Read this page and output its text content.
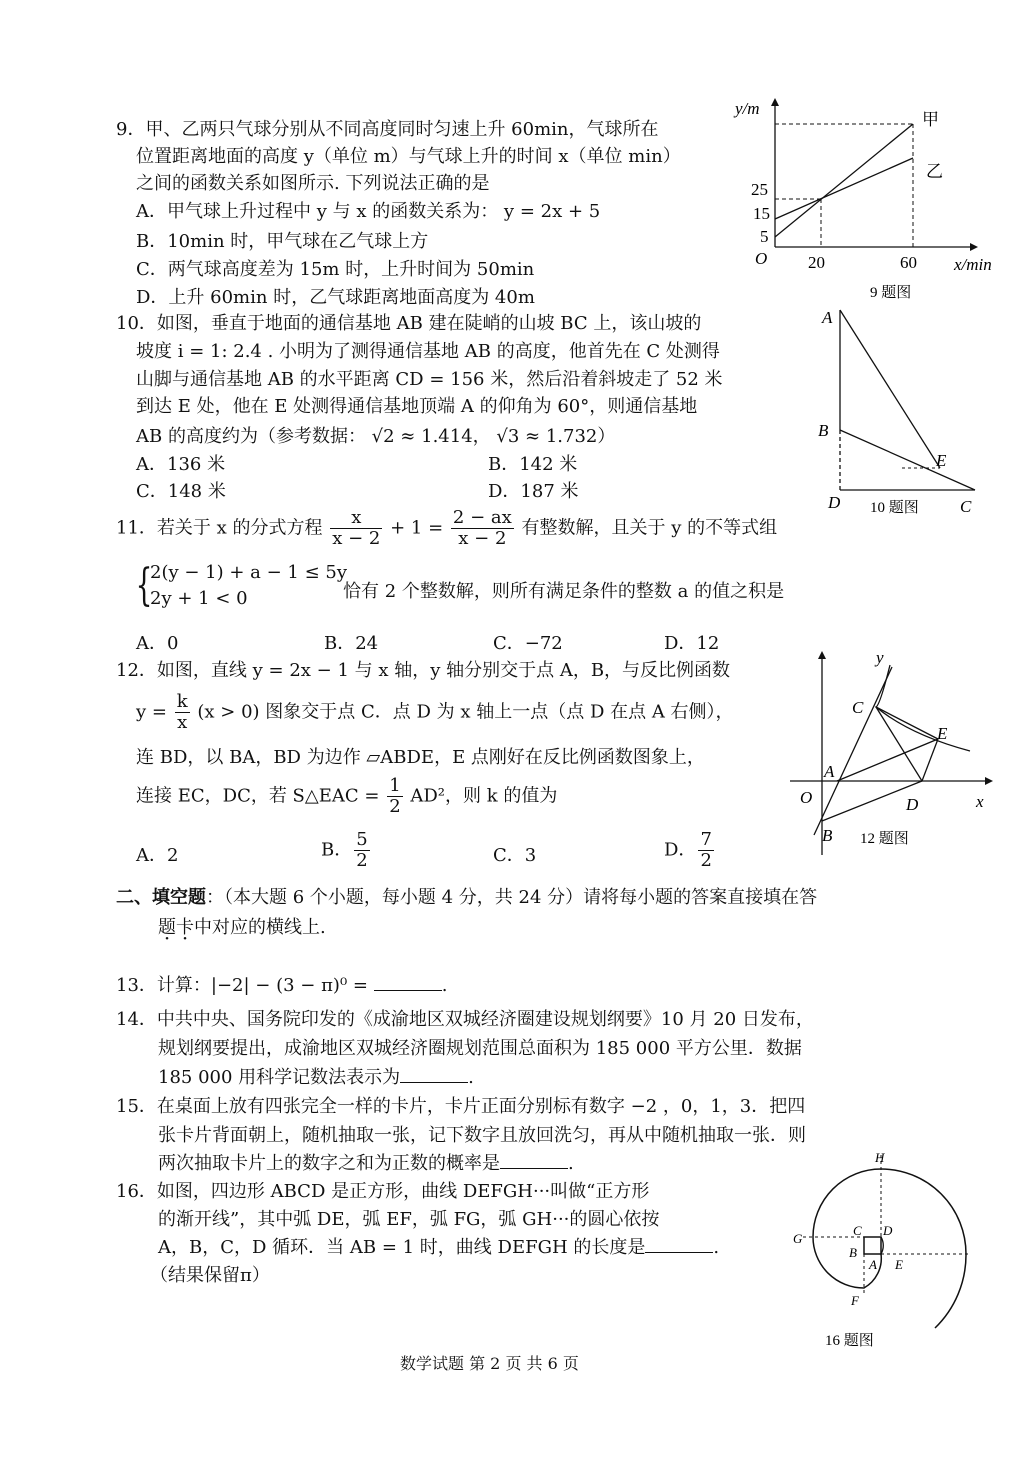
9．甲、乙两只气球分别从不同高度同时匀速上升 60min，气球所在
位置距离地面的高度 y（单位 m）与气球上升的时间 x（单位 min）
之间的函数关系如图所示. 下列说法正确的是
A．甲气球上升过程中 y 与 x 的函数关系为： y = 2x + 5
B．10min 时，甲气球在乙气球上方
C．两气球高度差为 15m 时，上升时间为 50min
D．上升 60min 时，乙气球距离地面高度为 40m
y/m
O
25
15
5
20	60 x/min
甲
乙
9 题图
10．如图，垂直于地面的通信基地 AB 建在陡峭的山坡 BC 上，该山坡的
坡度 i = 1: 2.4 . 小明为了测得通信基地 AB 的高度，他首先在 C 处测得
山脚与通信基地 AB 的水平距离 CD = 156 米，然后沿着斜坡走了 52 米
到达 E 处，他在 E 处测得通信基地顶端 A 的仰角为 60°，则通信基地
AB 的高度约为（参考数据： √2 ≈ 1.414， √3 ≈ 1.732）
A．136 米	B．142 米
C．148 米	D．187 米
A
B
D	C
E
10 题图
11．若关于 x 的分式方程 $\frac{x}{x - 2} + 1 = \frac{2 - ax}{x - 2}$ 有整数解，且关于 y 的不等式组
{
2(y − 1) + a − 1 ≤ 5y
2y + 1 < 0	恰有 2 个整数解，则所有满足条件的整数 a 的值之积是
A．0	B．24	C．−72	D．12
12．如图，直线 y = 2x − 1 与 x 轴，y 轴分别交于点 A，B，与反比例函数
$y = \frac{k}{x} (x > 0)$ 图象交于点 C．点 D 为 x 轴上一点（点 D 在点 A 右侧），
连 BD，以 BA，BD 为边作 ▱ABDE，E 点刚好在反比例函数图象上，
连接 EC，DC，若 S△EAC = $\frac{1}{2} AD^2$，则 k 的值为
A．2	B． $\frac{5}{2}$	C．3	D． $\frac{7}{2}$
y
x
O
A
B
C
D
E
12 题图
二、填空题：（本大题 6 个小题，每小题 4 分，共 24 分）请将每小题的答案直接填在答
题卡中对应的横线上.
13．计算：|−2| − (3 − π)⁰ =	.
14．中共中央、国务院印发的《成渝地区双城经济圈建设规划纲要》10 月 20 日发布，
规划纲要提出，成渝地区双城经济圈规划范围总面积为 185 000 平方公里．数据
185 000 用科学记数法表示为	.
15．在桌面上放有四张完全一样的卡片，卡片正面分别标有数字 −2 ，0，1，3．把四
张卡片背面朝上，随机抽取一张，记下数字且放回洗匀，再从中随机抽取一张．则
两次抽取卡片上的数字之和为正数的概率是	.
16．如图，四边形 ABCD 是正方形，曲线 DEFGH···叫做“正方形
的渐开线”，其中弧 DE，弧 EF，弧 FG，弧 GH···的圆心依按
A，B，C，D 循环．当 AB = 1 时，曲线 DEFGH 的长度是	.
（结果保留π）
H
G
C D
B
A E
F
16 题图
数学试题 第 2 页 共 6 页
